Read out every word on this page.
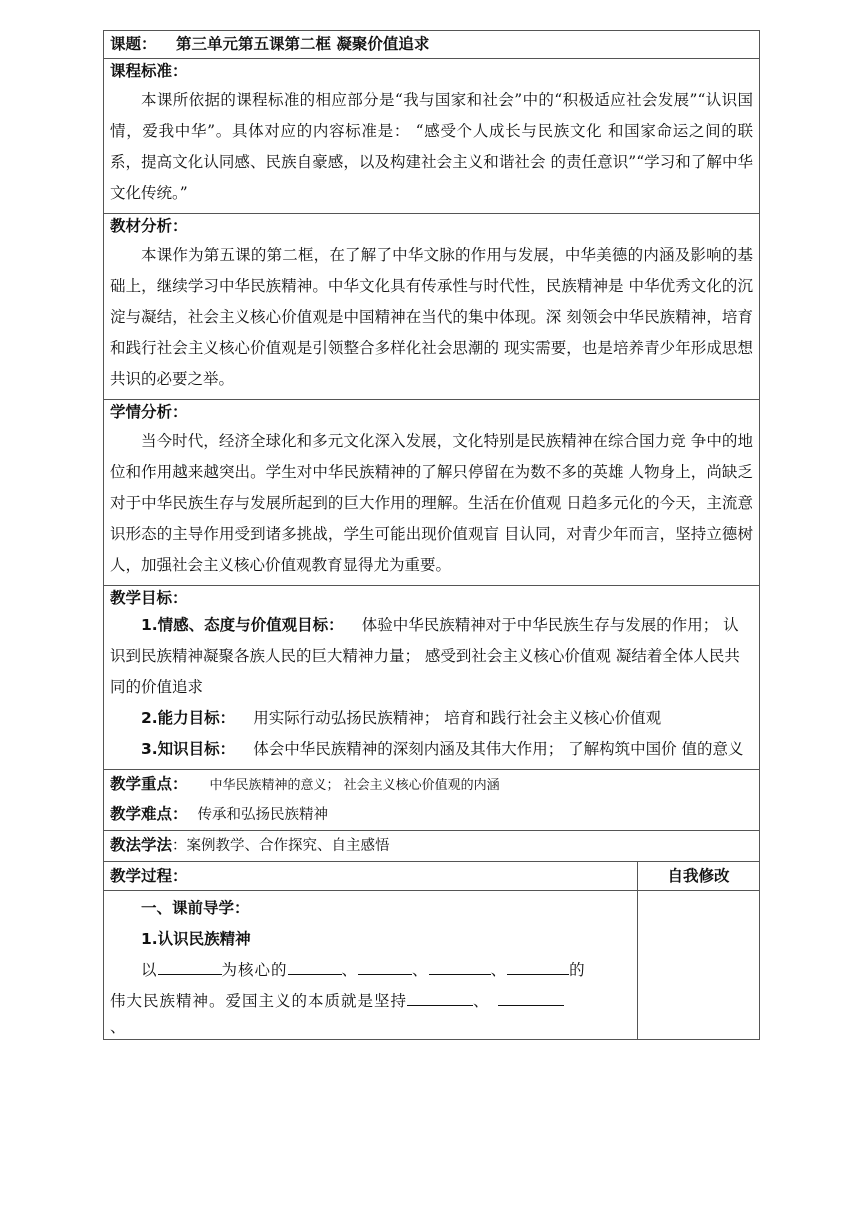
课题： 第三单元第五课第二框 凝聚价值追求	

课程标准：

本课所依据的课程标准的相应部分是“我与国家和社会”中的“积极适应社会发展”“认识国情，爱我中华”。具体对应的内容标准是： “感受个人成长与民族文化 和国家命运之间的联系，提高文化认同感、民族自豪感，以及构建社会主义和谐社会 的责任意识”“学习和了解中华文化传统。”	

教材分析：

本课作为第五课的第二框，在了解了中华文脉的作用与发展，中华美德的内涵及影响的基础上，继续学习中华民族精神。中华文化具有传承性与时代性，民族精神是 中华优秀文化的沉淀与凝结，社会主义核心价值观是中国精神在当代的集中体现。深 刻领会中华民族精神，培育和践行社会主义核心价值观是引领整合多样化社会思潮的 现实需要，也是培养青少年形成思想共识的必要之举。	

学情分析：

当今时代，经济全球化和多元文化深入发展，文化特别是民族精神在综合国力竞 争中的地位和作用越来越突出。学生对中华民族精神的了解只停留在为数不多的英雄 人物身上，尚缺乏对于中华民族生存与发展所起到的巨大作用的理解。生活在价值观 日趋多元化的今天，主流意识形态的主导作用受到诸多挑战，学生可能出现价值观盲 目认同，对青少年而言，坚持立德树人，加强社会主义核心价值观教育显得尤为重要。	

教学目标：

1.情感、态度与价值观目标： 体验中华民族精神对于中华民族生存与发展的作用； 认识到民族精神凝聚各族人民的巨大精神力量； 感受到社会主义核心价值观 凝结着全体人民共同的价值追求

2.能力目标： 用实际行动弘扬民族精神； 培育和践行社会主义核心价值观

3.知识目标： 体会中华民族精神的深刻内涵及其伟大作用； 了解构筑中国价 值的意义	

教学重点： 中华民族精神的意义； 社会主义核心价值观的内涵
教学难点： 传承和弘扬民族精神	

教法学法：案例教学、合作探究、自主感悟	

教学过程：	自我修改

一、课前导学：

1.认识民族精神

以 为核心的 、 、 、 的

伟大民族精神。爱国主义的本质就是坚持 、

、	
